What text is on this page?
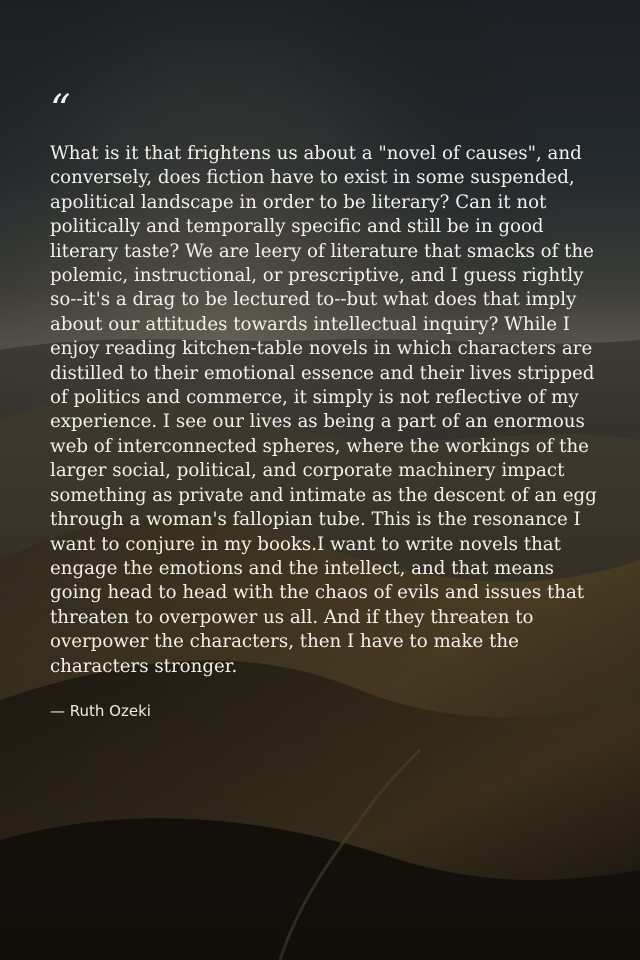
“

What is it that frightens us about a "novel of causes", and conversely, does fiction have to exist in some suspended, apolitical landscape in order to be literary? Can it not politically and temporally specific and still be in good literary taste? We are leery of literature that smacks of the polemic, instructional, or prescriptive, and I guess rightly so--it's a drag to be lectured to--but what does that imply about our attitudes towards intellectual inquiry? While I enjoy reading kitchen-table novels in which characters are distilled to their emotional essence and their lives stripped of politics and commerce, it simply is not reflective of my experience. I see our lives as being a part of an enormous web of interconnected spheres, where the workings of the larger social, political, and corporate machinery impact something as private and intimate as the descent of an egg through a woman's fallopian tube. This is the resonance I want to conjure in my books.I want to write novels that engage the emotions and the intellect, and that means going head to head with the chaos of evils and issues that threaten to overpower us all. And if they threaten to overpower the characters, then I have to make the characters stronger.

— Ruth Ozeki
